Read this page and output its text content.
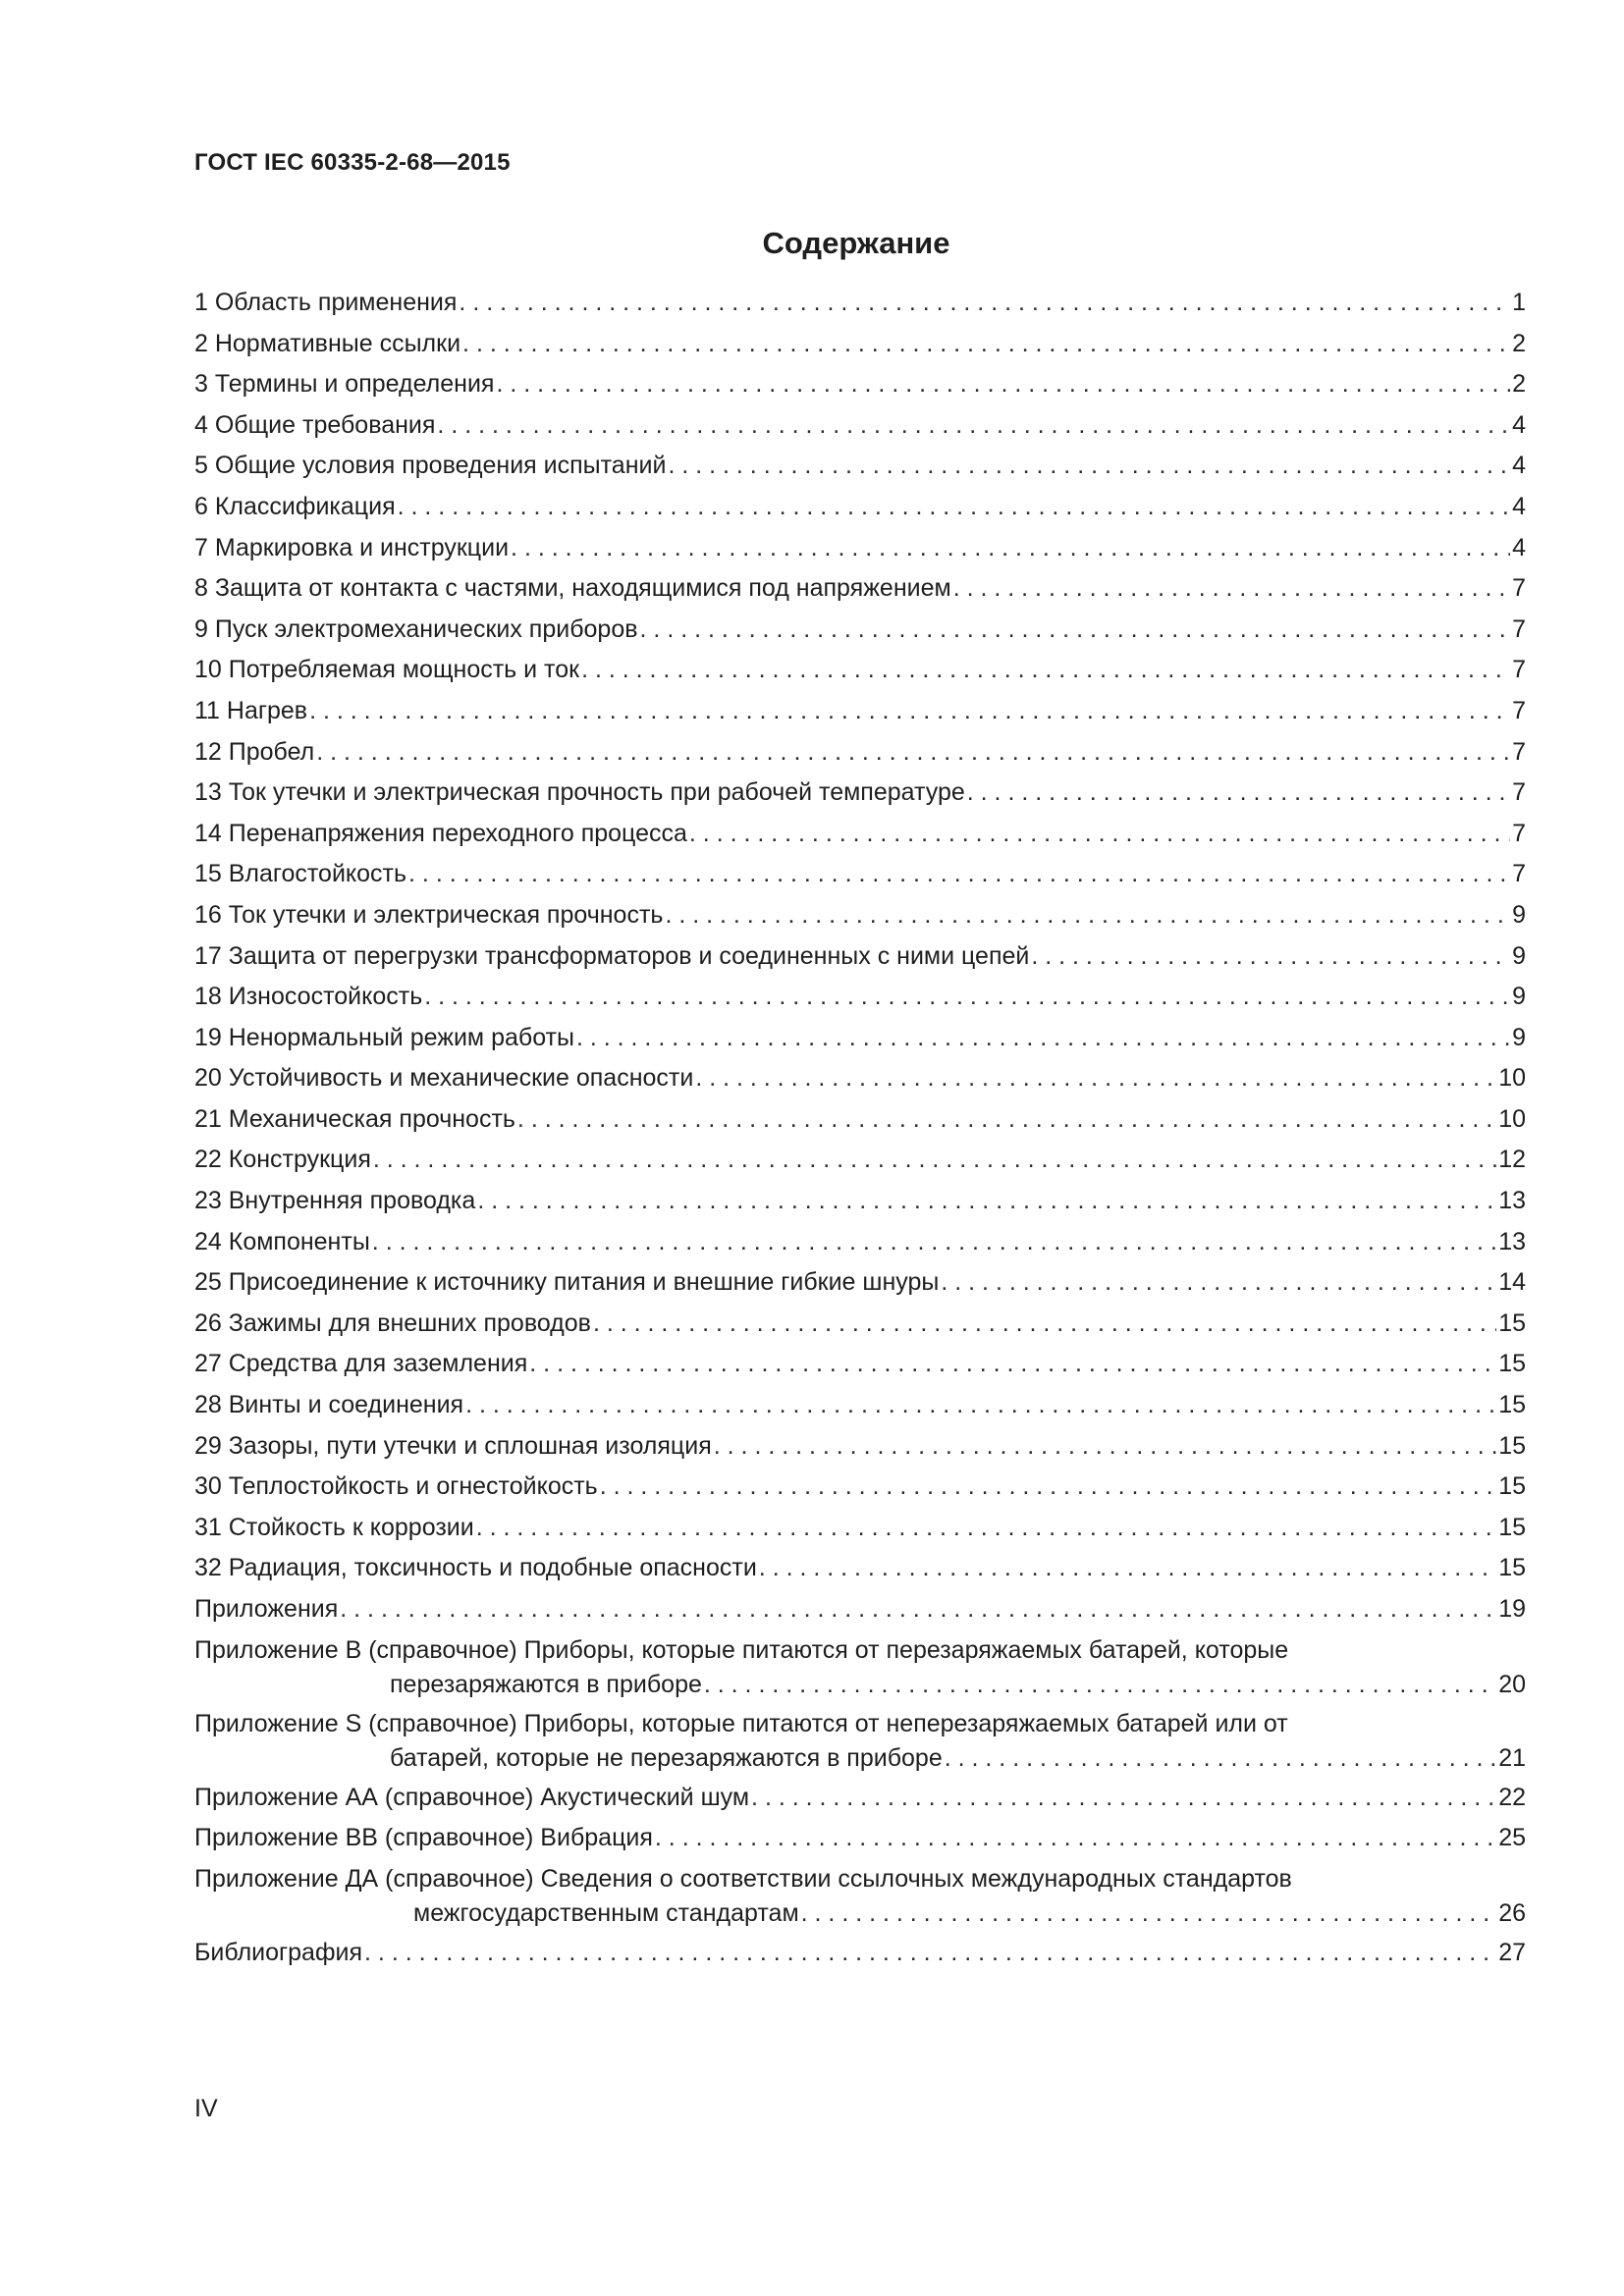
ГОСТ IEC 60335-2-68—2015
Содержание
1 Область применения . . .	1
2 Нормативные ссылки . . .	2
3 Термины и определения . . .	2
4 Общие требования . . .	4
5 Общие условия проведения испытаний . . .	4
6 Классификация . . .	4
7 Маркировка и инструкции . . .	4
8 Защита от контакта с частями, находящимися под напряжением . . .	7
9 Пуск электромеханических приборов . . .	7
10 Потребляемая мощность и ток . . .	7
11 Нагрев . . .	7
12 Пробел . . .	7
13 Ток утечки и электрическая прочность при рабочей температуре . . .	7
14 Перенапряжения переходного процесса . . .	7
15 Влагостойкость . . .	7
16 Ток утечки и электрическая прочность . . .	9
17 Защита от перегрузки трансформаторов и соединенных с ними цепей . . .	9
18 Износостойкость . . .	9
19 Ненормальный режим работы . . .	9
20 Устойчивость и механические опасности . . .	10
21 Механическая прочность . . .	10
22 Конструкция . . .	12
23 Внутренняя проводка . . .	13
24 Компоненты . . .	13
25 Присоединение к источнику питания и внешние гибкие шнуры . . .	14
26 Зажимы для внешних проводов . . .	15
27 Средства для заземления . . .	15
28 Винты и соединения . . .	15
29 Зазоры, пути утечки и сплошная изоляция . . .	15
30 Теплостойкость и огнестойкость . . .	15
31 Стойкость к коррозии . . .	15
32 Радиация, токсичность и подобные опасности . . .	15
Приложения . . .	19
Приложение B (справочное) Приборы, которые питаются от перезаряжаемых батарей, которые
перезаряжаются в приборе . . .	20
Приложение S (справочное) Приборы, которые питаются от неперезаряжаемых батарей или от
батарей, которые не перезаряжаются в приборе . . .	21
Приложение АА (справочное) Акустический шум . . .	22
Приложение ВВ (справочное) Вибрация . . .	25
Приложение ДА (справочное) Сведения о соответствии ссылочных международных стандартов
межгосударственным стандартам . . .	26
Библиография . . .	27
IV
